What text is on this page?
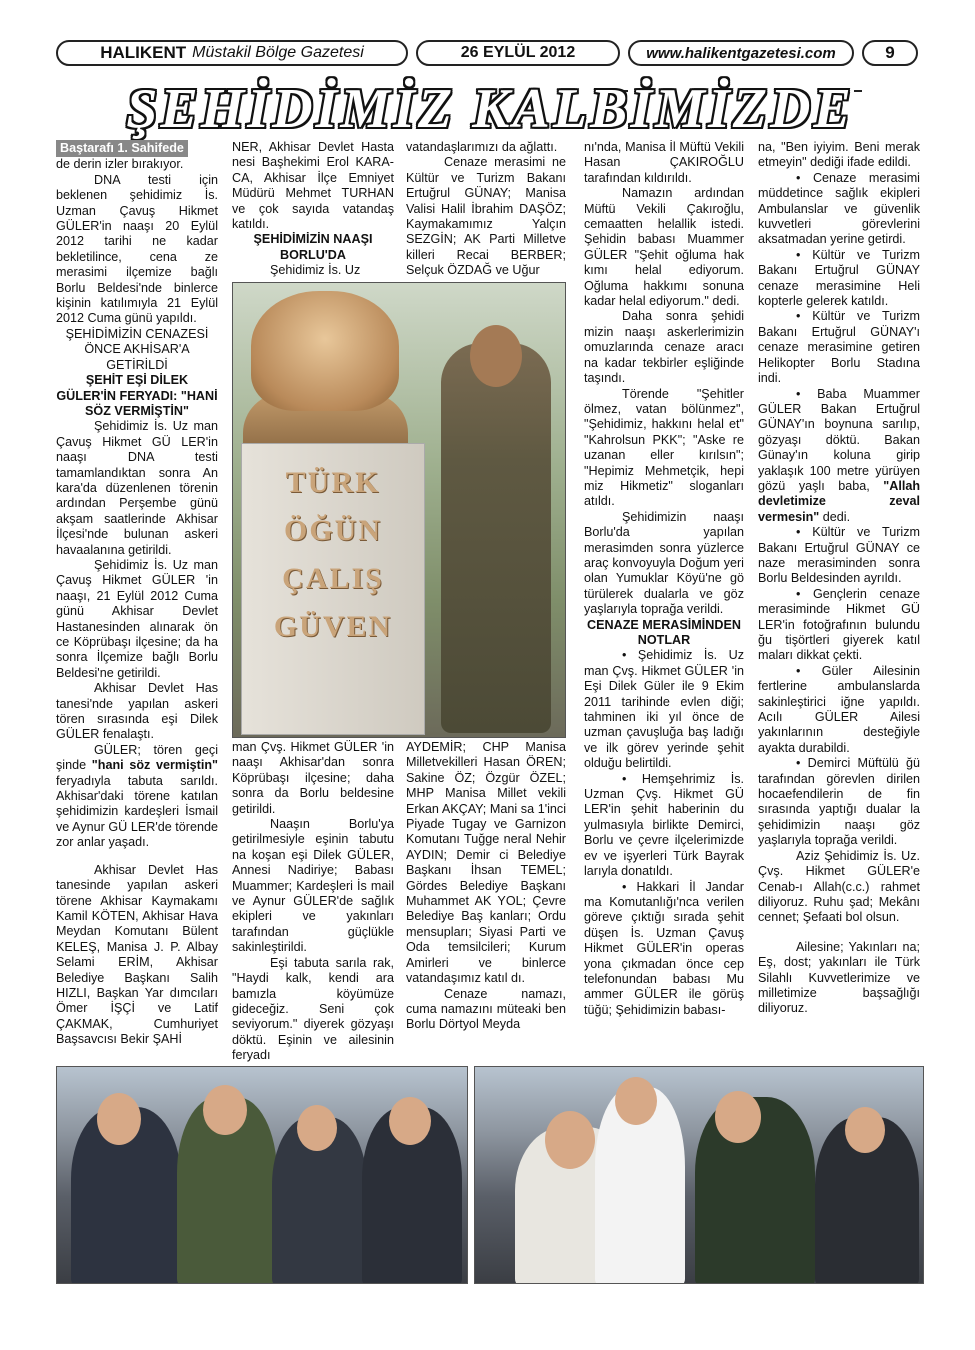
HALIKENT Müstakil Bölge Gazetesi	26 EYLÜL 2012	www.halikentgazetesi.com	9
ŞEHİDİMİZ KALBİMİZDE

Baştarafı 1. Sahifede

de derin izler bırakıyor.

DNA testi için beklenen şehidimiz İs. Uzman Çavuş Hikmet GÜLER'in naaşı 20 Eylül 2012 tarihi ne kadar bekletilince, cena ze merasimi ilçemize bağlı Borlu Beldesi'nde binlerce kişinin katılımıyla 21 Eylül 2012 Cuma günü yapıldı.

ŞEHİDİMİZİN CENAZESİ ÖNCE AKHİSAR'A GETİRİLDİ

ŞEHİT EŞİ DİLEK GÜLER'İN FERYADI: "HANİ SÖZ VERMİŞTİN"

Şehidimiz İs. Uz man Çavuş Hikmet GÜ LER'in naaşı DNA testi tamamlandıktan sonra An kara'da düzenlenen törenin ardından Perşembe günü akşam saatlerinde Akhisar İlçesi'nde bulunan askeri havaalanına getirildi.

Şehidimiz İs. Uz man Çavuş Hikmet GÜLER 'in naaşı, 21 Eylül 2012 Cuma günü Akhisar Devlet Hastanesinden alınarak ön ce Köprübaşı ilçesine; da ha sonra İlçemize bağlı Borlu Beldesi'ne getirildi.

Akhisar Devlet Has tanesi'nde yapılan askeri tören sırasında eşi Dilek GÜLER fenalaştı.

GÜLER; tören geçi şinde "hani söz vermiştin" feryadıyla tabuta sarıldı. Akhisar'daki törene katılan şehidimizin kardeşleri İsmail ve Aynur GÜ LER'de törende zor anlar yaşadı.

Akhisar Devlet Has tanesinde yapılan askeri törene Akhisar Kaymakamı Kamil KÖTEN, Akhisar Hava Meydan Komutanı Bülent KELEŞ, Manisa J. P. Albay Selami ERİM, Akhisar Belediye Başkanı Salih HIZLI, Başkan Yar dımcıları Ömer İŞÇİ ve Latif ÇAKMAK, Cumhuriyet Başsavcısı Bekir ŞAHİ

NER, Akhisar Devlet Hasta nesi Başhekimi Erol KARA-CA, Akhisar İlçe Emniyet Müdürü Mehmet TURHAN ve çok sayıda vatandaş katıldı.

ŞEHİDİMİZİN NAAŞI BORLU'DA

Şehidimiz İs. Uz

vatandaşlarımızı da ağlattı.

Cenaze merasimi ne Kültür ve Turizm Bakanı Ertuğrul GÜNAY; Manisa Valisi Halil İbrahim DAŞÖZ; Kaymakamımız Yalçın SEZGİN; AK Parti Milletve killeri Recai BERBER; Selçuk ÖZDAĞ ve Uğur

TÜRK
ÖĞÜN
ÇALIŞ
GÜVEN

man Çvş. Hikmet GÜLER 'in naaşı Akhisar'dan sonra Köprübaşı ilçesine; daha sonra da Borlu beldesine getirildi.

Naaşın Borlu'ya getirilmesiyle eşinin tabutu na koşan eşi Dilek GÜLER, Annesi Nadiriye; Babası Muammer; Kardeşleri İs mail ve Aynur GÜLER'de sağlık ekipleri ve yakınları tarafından güçlükle sakinleştirildi.

Eşi tabuta sarıla rak, "Haydi kalk, kendi ara bamızla köyümüze gideceğiz. Seni çok seviyorum." diyerek gözyaşı döktü. Eşinin ve ailesinin feryadı

AYDEMİR; CHP Manisa Milletvekilleri Hasan ÖREN; Sakine ÖZ; Özgür ÖZEL; MHP Manisa Millet vekili Erkan AKÇAY; Mani sa 1'inci Piyade Tugay ve Garnizon Komutanı Tuğge neral Nehir AYDIN; Demir ci Belediye Başkanı İhsan TEMEL; Gördes Belediye Başkanı Muhammet AK YOL; Çevre Belediye Baş kanları; Ordu mensupları; Siyasi Parti ve Oda temsilcileri; Kurum Amirleri ve binlerce vatandaşımız katıl dı.

Cenaze namazı, cuma namazını müteaki ben Borlu Dörtyol Meyda

nı'nda, Manisa İl Müftü Vekili Hasan ÇAKIROĞLU tarafından kıldırıldı.

Namazın ardından Müftü Vekili Çakıroğlu, cemaatten helallik istedi. Şehidin babası Muammer GÜLER "Şehit oğluma hak kımı helal ediyorum. Oğluma hakkımı sonuna kadar helal ediyorum." dedi.

Daha sonra şehidi mizin naaşı askerlerimizin omuzlarında cenaze aracı na kadar tekbirler eşliğinde taşındı.

Törende "Şehitler ölmez, vatan bölünmez", "Şehidimiz, hakkını helal et" "Kahrolsun PKK"; "Aske re uzanan eller kırılsın"; "Hepimiz Mehmetçik, hepi miz Hikmetiz" sloganları atıldı.

Şehidimizin naaşı Borlu'da yapılan merasimden sonra yüzlerce araç konvoyuyla Doğum yeri olan Yumuklar Köyü'ne gö türülerek dualarla ve göz yaşlarıyla toprağa verildi.

CENAZE MERASİMİNDEN NOTLAR

• Şehidimiz İs. Uz man Çvş. Hikmet GÜLER 'in Eşi Dilek Güler ile 9 Ekim 2011 tarihinde evlen diği; tahminen iki yıl önce de uzman çavuşluğa baş ladığı ve ilk görev yerinde şehit olduğu belirtildi.

• Hemşehrimiz İs. Uzman Çvş. Hikmet GÜ LER'in şehit haberinin du yulmasıyla birlikte Demirci, Borlu ve çevre ilçelerimizde ev ve işyerleri Türk Bayrak larıyla donatıldı.

• Hakkari İl Jandar ma Komutanlığı'nca verilen göreve çıktığı sırada şehit düşen İs. Uzman Çavuş Hikmet GÜLER'in operas yona çıkmadan önce cep telefonundan babası Mu ammer GÜLER ile görüş tüğü; Şehidimizin babası-

na, "Ben iyiyim. Beni merak etmeyin" dediği ifade edildi.

• Cenaze merasimi müddetince sağlık ekipleri Ambulanslar ve güvenlik kuvvetleri görevlerini aksatmadan yerine getirdi.

• Kültür ve Turizm Bakanı Ertuğrul GÜNAY cenaze merasimine Heli kopterle gelerek katıldı.

• Kültür ve Turizm Bakanı Ertuğrul GÜNAY'ı cenaze merasimine getiren Helikopter Borlu Stadına indi.

• Baba Muammer GÜLER Bakan Ertuğrul GÜNAY'ın boynuna sarılıp, gözyaşı döktü. Bakan Günay'ın koluna girip yaklaşık 100 metre yürüyen gözü yaşlı baba, "Allah devletimize zeval vermesin" dedi.

• Kültür ve Turizm Bakanı Ertuğrul GÜNAY ce naze merasiminden sonra Borlu Beldesinden ayrıldı.

• Gençlerin cenaze merasiminde Hikmet GÜ LER'in fotoğrafının bulundu ğu tişörtleri giyerek katıl maları dikkat çekti.

• Güler Ailesinin fertlerine ambulanslarda sakinleştirici iğne yapıldı. Acılı GÜLER Ailesi yakınlarının desteğiyle ayakta durabildi.

• Demirci Müftülü ğü tarafından görevlen dirilen hocaefendilerin de fin sırasında yaptığı dualar la şehidimizin naaşı göz yaşlarıyla toprağa verildi.

Aziz Şehidimiz İs. Uz. Çvş. Hikmet GÜLER'e Cenab-ı Allah(c.c.) rahmet diliyoruz. Ruhu şad; Mekânı cennet; Şefaati bol olsun.

Ailesine; Yakınları na; Eş, dost; yakınları ile Türk Silahlı Kuvvetlerimize ve milletimize başsağlığı diliyoruz.
